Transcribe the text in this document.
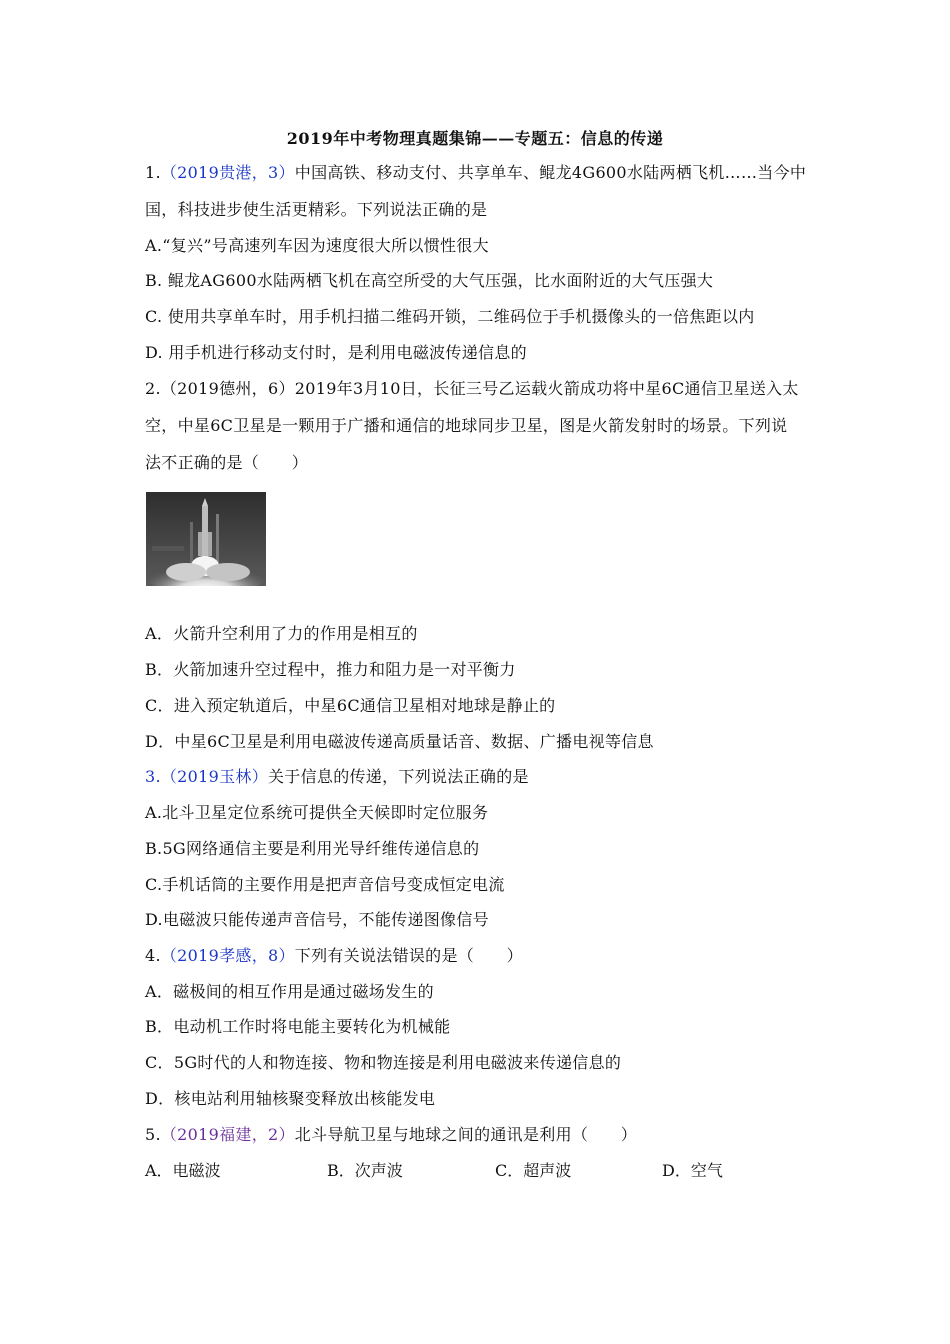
2019年中考物理真题集锦——专题五：信息的传递
1.（2019贵港，3）中国高铁、移动支付、共享单车、鲲龙4G600水陆两栖飞机……当今中
国，科技进步使生活更精彩。下列说法正确的是
A.“复兴”号高速列车因为速度很大所以惯性很大
B. 鲲龙AG600水陆两栖飞机在高空所受的大气压强，比水面附近的大气压强大
C. 使用共享单车时，用手机扫描二维码开锁，二维码位于手机摄像头的一倍焦距以内
D. 用手机进行移动支付时，是利用电磁波传递信息的
2.（2019德州，6）2019年3月10日，长征三号乙运载火箭成功将中星6C通信卫星送入太
空，中星6C卫星是一颗用于广播和通信的地球同步卫星，图是火箭发射时的场景。下列说
法不正确的是（　　）
A．火箭升空利用了力的作用是相互的
B．火箭加速升空过程中，推力和阻力是一对平衡力
C．进入预定轨道后，中星6C通信卫星相对地球是静止的
D．中星6C卫星是利用电磁波传递高质量话音、数据、广播电视等信息
3.（2019玉林）关于信息的传递，下列说法正确的是
A.北斗卫星定位系统可提供全天候即时定位服务
B.5G网络通信主要是利用光导纤维传递信息的
C.手机话筒的主要作用是把声音信号变成恒定电流
D.电磁波只能传递声音信号，不能传递图像信号
4.（2019孝感，8）下列有关说法错误的是（　　）
A．磁极间的相互作用是通过磁场发生的
B．电动机工作时将电能主要转化为机械能
C．5G时代的人和物连接、物和物连接是利用电磁波来传递信息的
D．核电站利用轴核聚变释放出核能发电
5.（2019福建，2）北斗导航卫星与地球之间的通讯是利用（　　）
A．电磁波	B．次声波	C．超声波	D．空气
